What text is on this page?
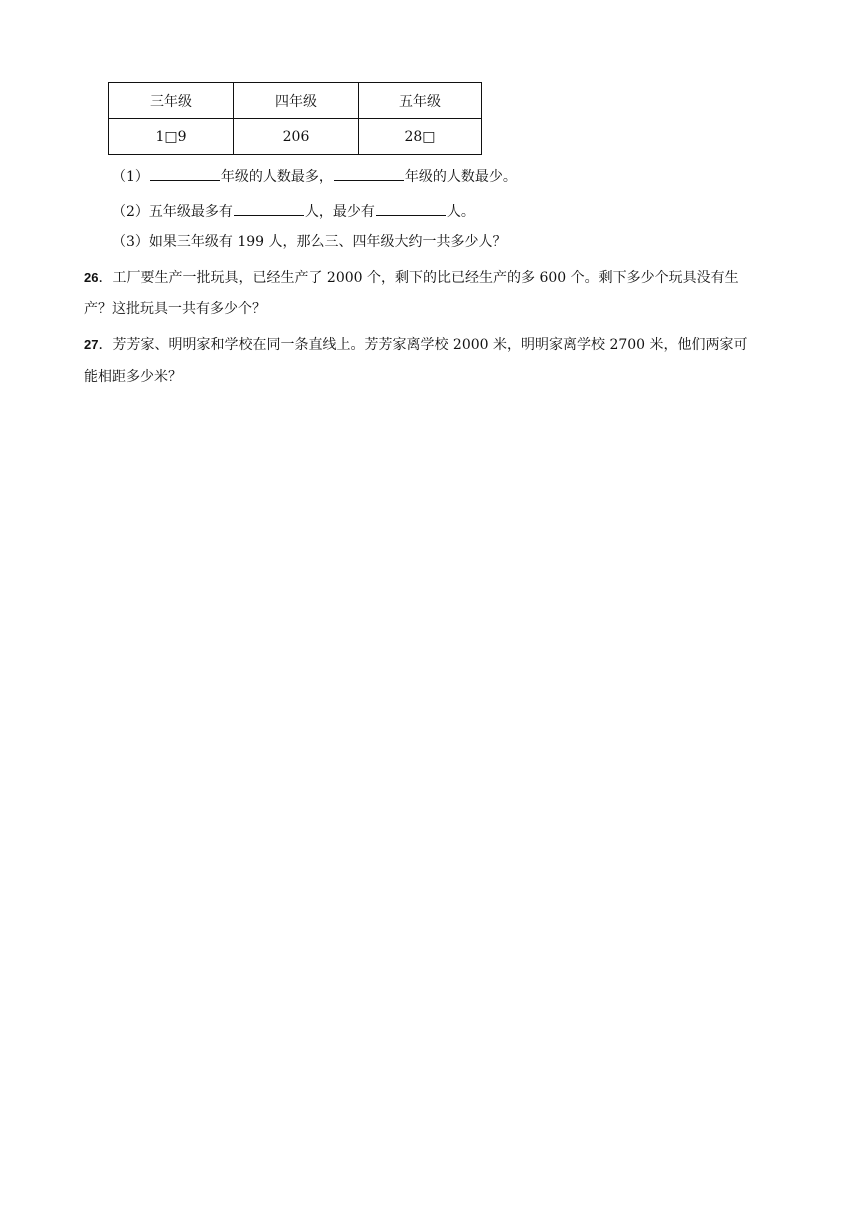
三年级	四年级	五年级
1□9	206	28□
（1）	年级的人数最多，	年级的人数最少。
（2）五年级最多有	人，最少有	人。
（3）如果三年级有 199 人，那么三、四年级大约一共多少人？
26．工厂要生产一批玩具，已经生产了 2000 个，剩下的比已经生产的多 600 个。剩下多少个玩具没有生
产？这批玩具一共有多少个？
27．芳芳家、明明家和学校在同一条直线上。芳芳家离学校 2000 米，明明家离学校 2700 米，他们两家可
能相距多少米？
